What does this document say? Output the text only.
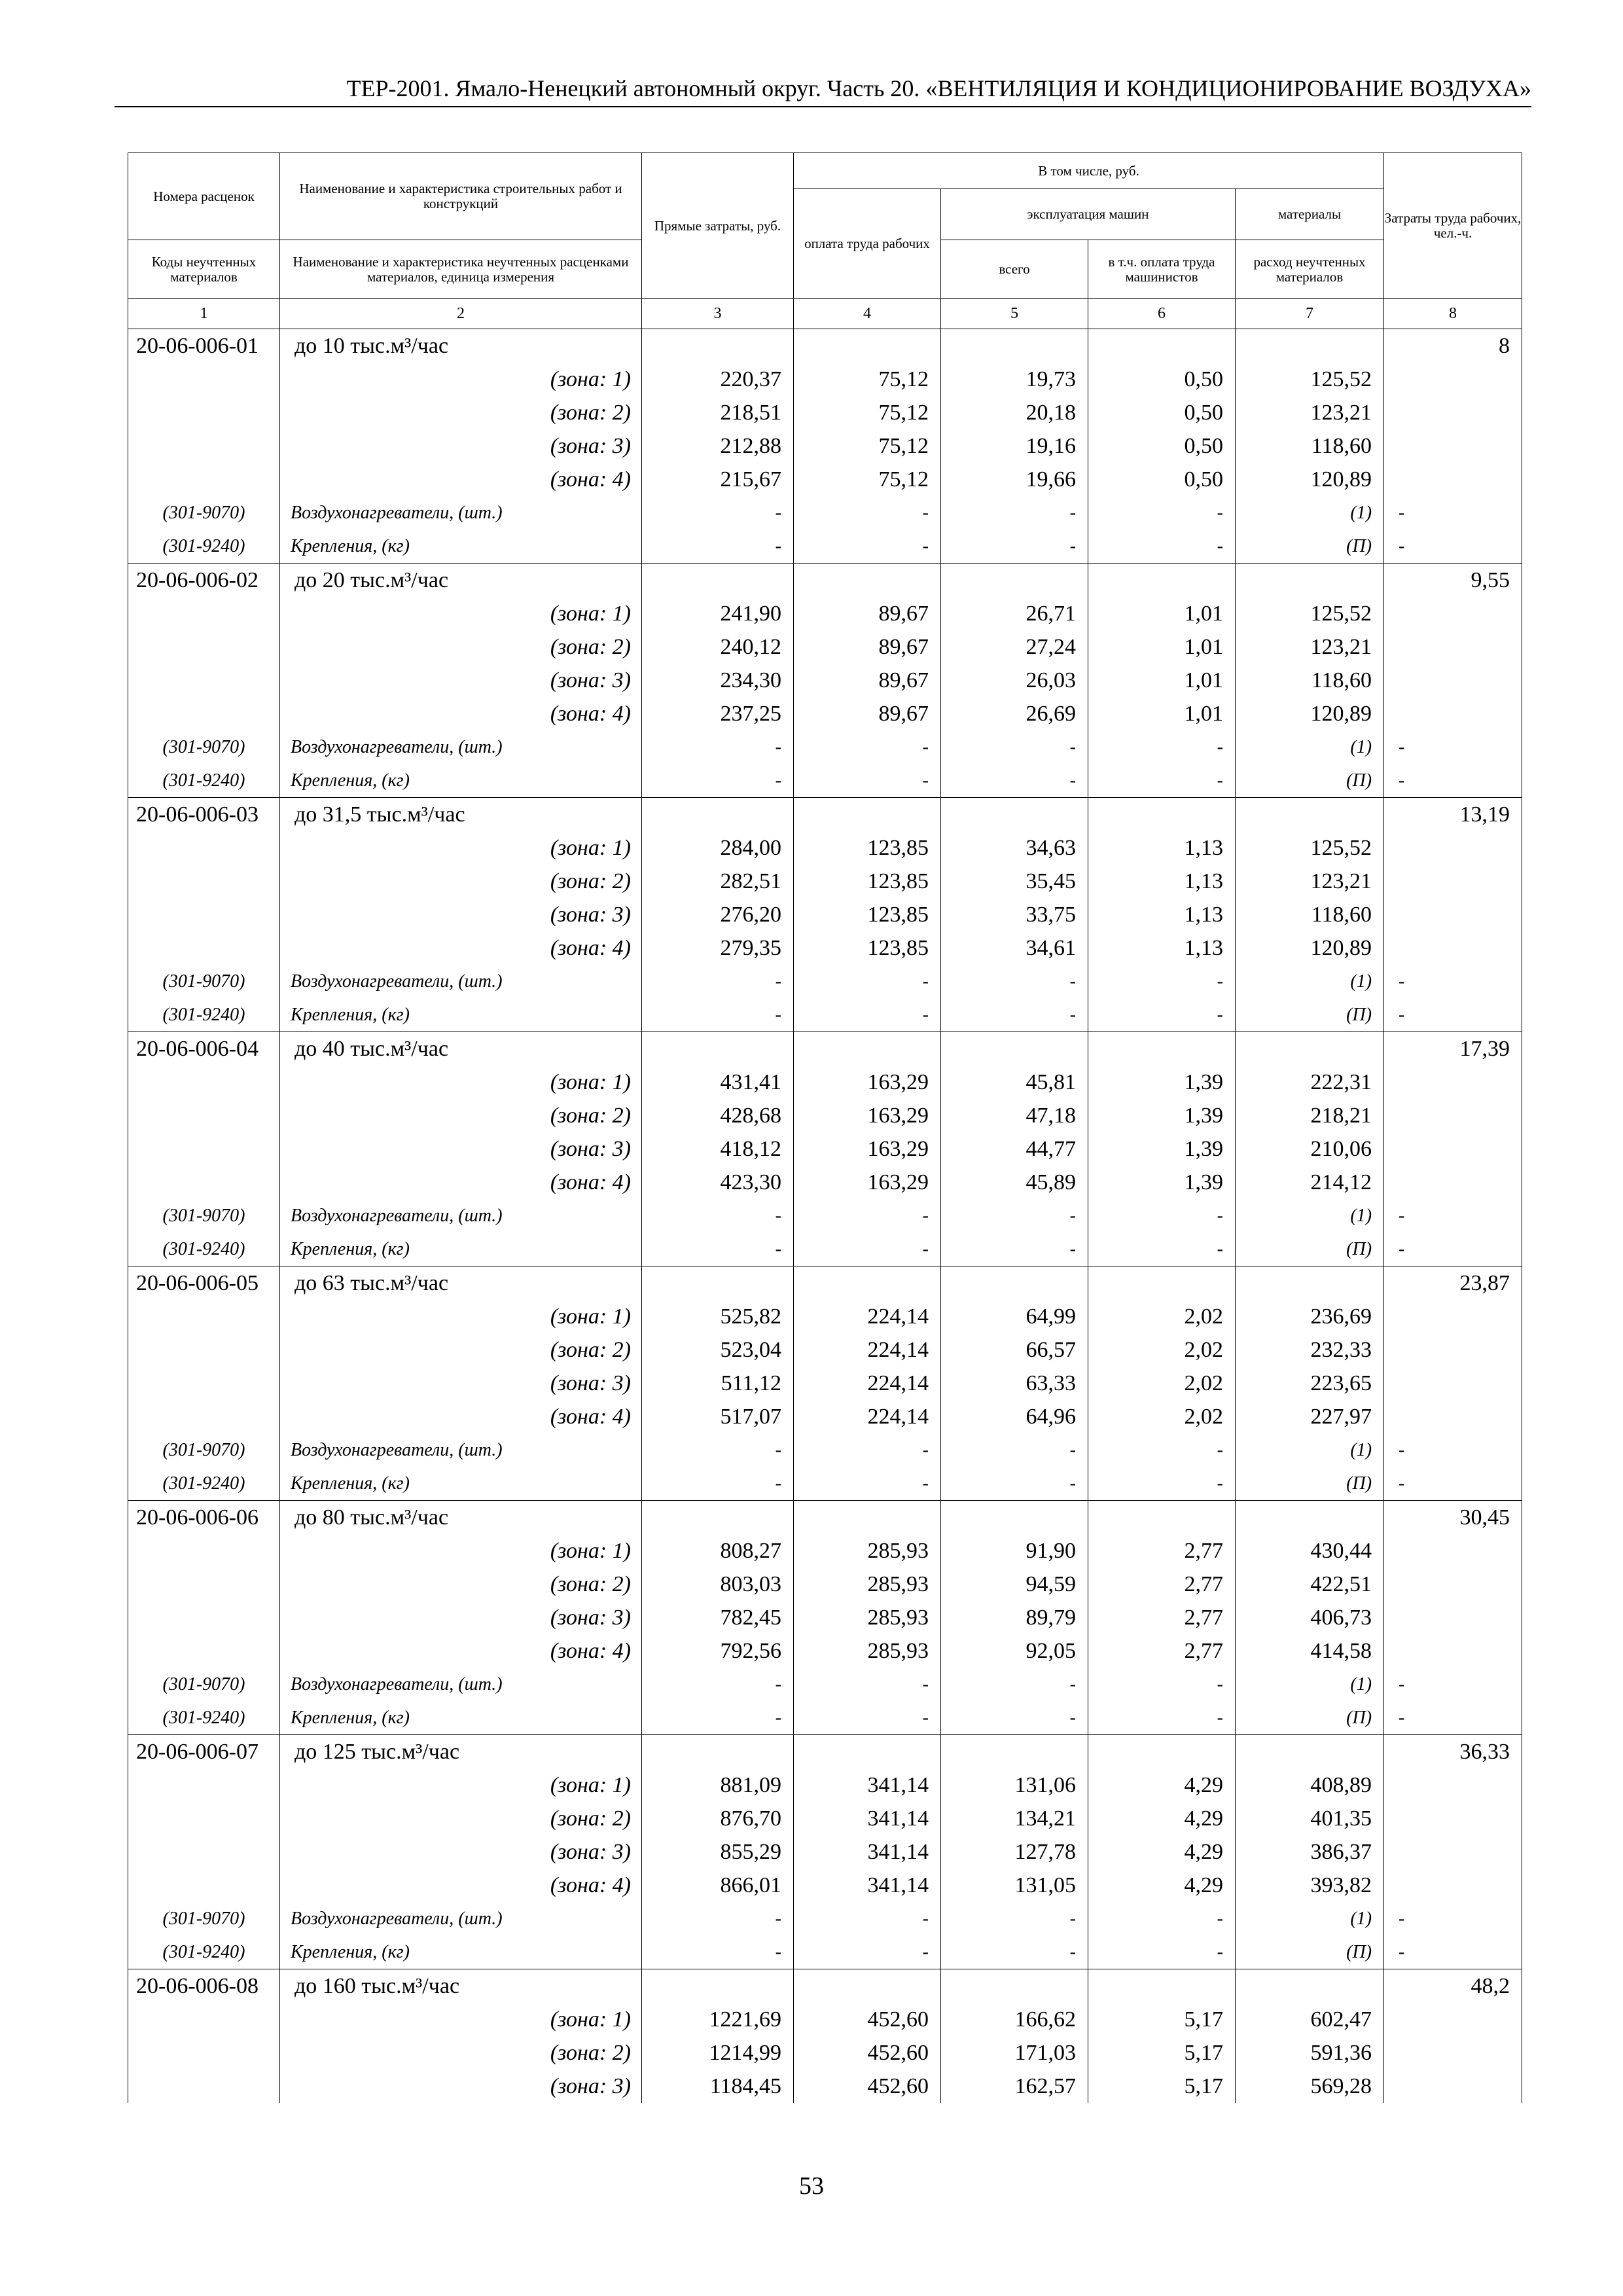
ТЕР-2001. Ямало-Ненецкий автономный округ. Часть 20. «ВЕНТИЛЯЦИЯ И КОНДИЦИОНИРОВАНИЕ ВОЗДУХА»
Номера расценок	Наименование и характеристика строительных работ и конструкций	Прямые затраты, руб.	В том числе, руб.				Затраты труда рабочих, чел.-ч.
			оплата труда рабочих	эксплуатация машин		материалы	
Коды неучтенных материалов	Наименование и характеристика неучтенных расценками материалов, единица измерения			всего	в т.ч. оплата труда машинистов	расход неучтенных материалов	
1	2	3	4	5	6	7	8
20-06-006-01	до 10 тыс.м³/час						8
	(зона: 1)	220,37	75,12	19,73	0,50	125,52	
	(зона: 2)	218,51	75,12	20,18	0,50	123,21	
	(зона: 3)	212,88	75,12	19,16	0,50	118,60	
	(зона: 4)	215,67	75,12	19,66	0,50	120,89	
(301-9070)	Воздухонагреватели, (шт.)	-	-	-	-	(1)	-
(301-9240)	Крепления, (кг)	-	-	-	-	(П)	-
20-06-006-02	до 20 тыс.м³/час						9,55
	(зона: 1)	241,90	89,67	26,71	1,01	125,52	
	(зона: 2)	240,12	89,67	27,24	1,01	123,21	
	(зона: 3)	234,30	89,67	26,03	1,01	118,60	
	(зона: 4)	237,25	89,67	26,69	1,01	120,89	
(301-9070)	Воздухонагреватели, (шт.)	-	-	-	-	(1)	-
(301-9240)	Крепления, (кг)	-	-	-	-	(П)	-
20-06-006-03	до 31,5 тыс.м³/час						13,19
	(зона: 1)	284,00	123,85	34,63	1,13	125,52	
	(зона: 2)	282,51	123,85	35,45	1,13	123,21	
	(зона: 3)	276,20	123,85	33,75	1,13	118,60	
	(зона: 4)	279,35	123,85	34,61	1,13	120,89	
(301-9070)	Воздухонагреватели, (шт.)	-	-	-	-	(1)	-
(301-9240)	Крепления, (кг)	-	-	-	-	(П)	-
20-06-006-04	до 40 тыс.м³/час						17,39
	(зона: 1)	431,41	163,29	45,81	1,39	222,31	
	(зона: 2)	428,68	163,29	47,18	1,39	218,21	
	(зона: 3)	418,12	163,29	44,77	1,39	210,06	
	(зона: 4)	423,30	163,29	45,89	1,39	214,12	
(301-9070)	Воздухонагреватели, (шт.)	-	-	-	-	(1)	-
(301-9240)	Крепления, (кг)	-	-	-	-	(П)	-
20-06-006-05	до 63 тыс.м³/час						23,87
	(зона: 1)	525,82	224,14	64,99	2,02	236,69	
	(зона: 2)	523,04	224,14	66,57	2,02	232,33	
	(зона: 3)	511,12	224,14	63,33	2,02	223,65	
	(зона: 4)	517,07	224,14	64,96	2,02	227,97	
(301-9070)	Воздухонагреватели, (шт.)	-	-	-	-	(1)	-
(301-9240)	Крепления, (кг)	-	-	-	-	(П)	-
20-06-006-06	до 80 тыс.м³/час						30,45
	(зона: 1)	808,27	285,93	91,90	2,77	430,44	
	(зона: 2)	803,03	285,93	94,59	2,77	422,51	
	(зона: 3)	782,45	285,93	89,79	2,77	406,73	
	(зона: 4)	792,56	285,93	92,05	2,77	414,58	
(301-9070)	Воздухонагреватели, (шт.)	-	-	-	-	(1)	-
(301-9240)	Крепления, (кг)	-	-	-	-	(П)	-
20-06-006-07	до 125 тыс.м³/час						36,33
	(зона: 1)	881,09	341,14	131,06	4,29	408,89	
	(зона: 2)	876,70	341,14	134,21	4,29	401,35	
	(зона: 3)	855,29	341,14	127,78	4,29	386,37	
	(зона: 4)	866,01	341,14	131,05	4,29	393,82	
(301-9070)	Воздухонагреватели, (шт.)	-	-	-	-	(1)	-
(301-9240)	Крепления, (кг)	-	-	-	-	(П)	-
20-06-006-08	до 160 тыс.м³/час						48,2
	(зона: 1)	1221,69	452,60	166,62	5,17	602,47	
	(зона: 2)	1214,99	452,60	171,03	5,17	591,36	
	(зона: 3)	1184,45	452,60	162,57	5,17	569,28	
53
